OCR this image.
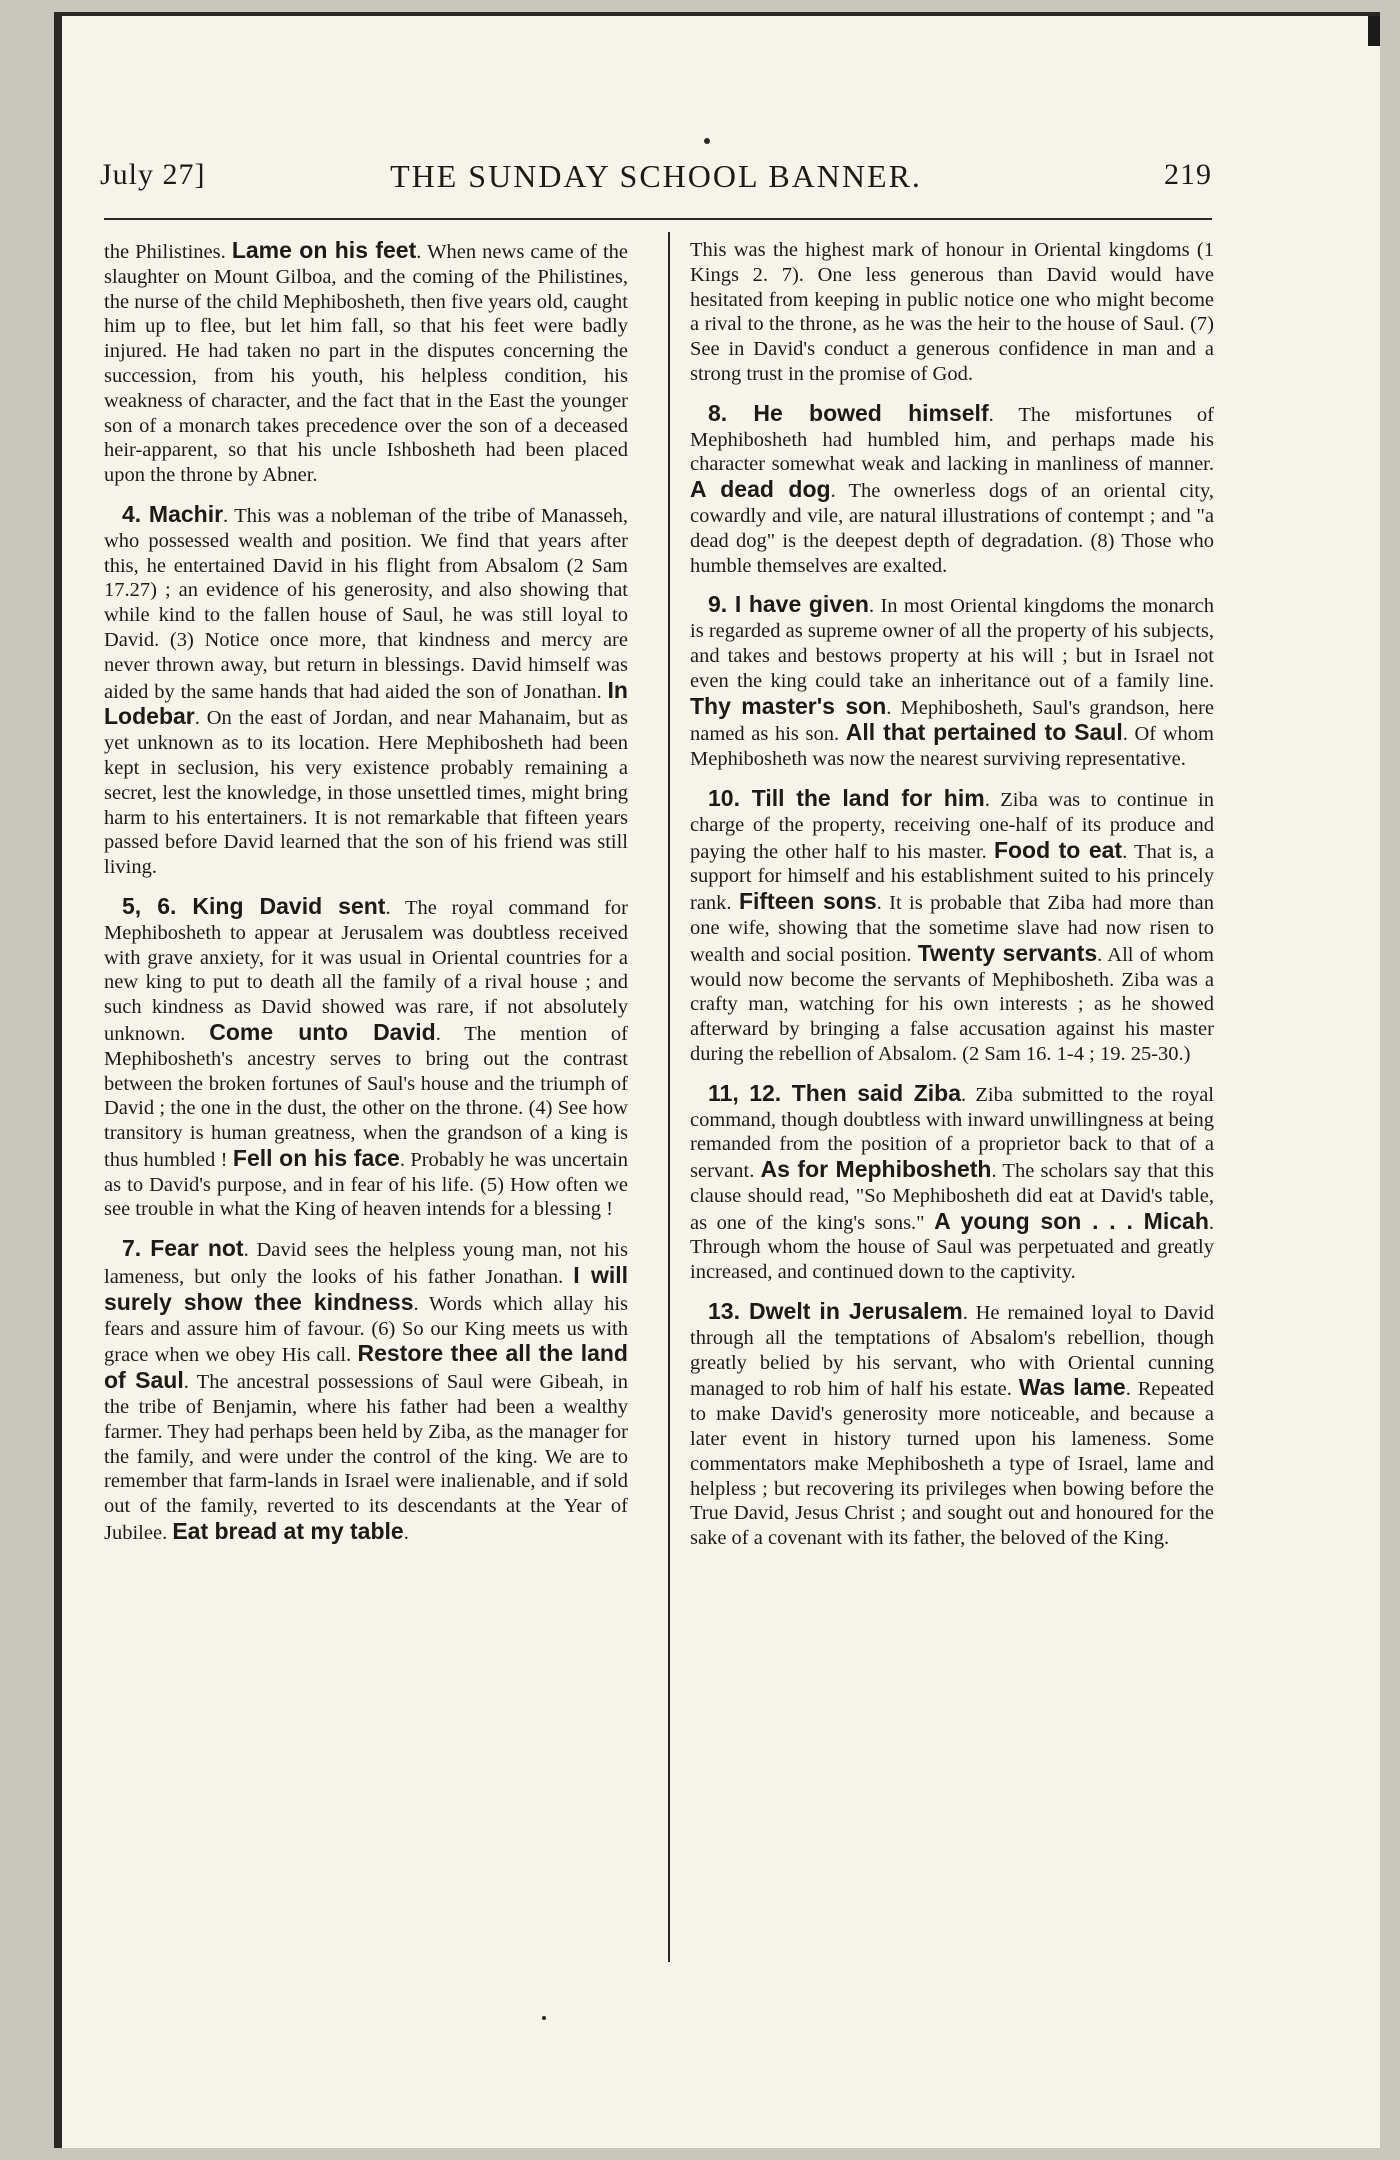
July 27]	THE SUNDAY SCHOOL BANNER.	219

the Philistines. Lame on his feet. When news came of the slaughter on Mount Gilboa, and the coming of the Philistines, the nurse of the child Mephibosheth, then five years old, caught him up to flee, but let him fall, so that his feet were badly injured. He had taken no part in the disputes concerning the succession, from his youth, his helpless condition, his weakness of character, and the fact that in the East the younger son of a monarch takes precedence over the son of a deceased heir-apparent, so that his uncle Ishbosheth had been placed upon the throne by Abner.

4. Machir. This was a nobleman of the tribe of Manasseh, who possessed wealth and position. We find that years after this, he entertained David in his flight from Absalom (2 Sam 17.27) ; an evidence of his generosity, and also showing that while kind to the fallen house of Saul, he was still loyal to David. (3) Notice once more, that kindness and mercy are never thrown away, but return in blessings. David himself was aided by the same hands that had aided the son of Jonathan. In Lodebar. On the east of Jordan, and near Mahanaim, but as yet unknown as to its location. Here Mephibosheth had been kept in seclusion, his very existence probably remaining a secret, lest the knowledge, in those unsettled times, might bring harm to his entertainers. It is not remarkable that fifteen years passed before David learned that the son of his friend was still living.

5, 6. King David sent. The royal command for Mephibosheth to appear at Jerusalem was doubtless received with grave anxiety, for it was usual in Oriental countries for a new king to put to death all the family of a rival house ; and such kindness as David showed was rare, if not absolutely unknown. Come unto David. The mention of Mephibosheth's ancestry serves to bring out the contrast between the broken fortunes of Saul's house and the triumph of David ; the one in the dust, the other on the throne. (4) See how transitory is human greatness, when the grandson of a king is thus humbled ! Fell on his face. Probably he was uncertain as to David's purpose, and in fear of his life. (5) How often we see trouble in what the King of heaven intends for a blessing !

7. Fear not. David sees the helpless young man, not his lameness, but only the looks of his father Jonathan. I will surely show thee kindness. Words which allay his fears and assure him of favour. (6) So our King meets us with grace when we obey His call. Restore thee all the land of Saul. The ancestral possessions of Saul were Gibeah, in the tribe of Benjamin, where his father had been a wealthy farmer. They had perhaps been held by Ziba, as the manager for the family, and were under the control of the king. We are to remember that farm-lands in Israel were inalienable, and if sold out of the family, reverted to its descendants at the Year of Jubilee. Eat bread at my table.

This was the highest mark of honour in Oriental kingdoms (1 Kings 2. 7). One less generous than David would have hesitated from keeping in public notice one who might become a rival to the throne, as he was the heir to the house of Saul. (7) See in David's conduct a generous confidence in man and a strong trust in the promise of God.

8. He bowed himself. The misfortunes of Mephibosheth had humbled him, and perhaps made his character somewhat weak and lacking in manliness of manner. A dead dog. The ownerless dogs of an oriental city, cowardly and vile, are natural illustrations of contempt ; and "a dead dog" is the deepest depth of degradation. (8) Those who humble themselves are exalted.

9. I have given. In most Oriental kingdoms the monarch is regarded as supreme owner of all the property of his subjects, and takes and bestows property at his will ; but in Israel not even the king could take an inheritance out of a family line. Thy master's son. Mephibosheth, Saul's grandson, here named as his son. All that pertained to Saul. Of whom Mephibosheth was now the nearest surviving representative.

10. Till the land for him. Ziba was to continue in charge of the property, receiving one-half of its produce and paying the other half to his master. Food to eat. That is, a support for himself and his establishment suited to his princely rank. Fifteen sons. It is probable that Ziba had more than one wife, showing that the sometime slave had now risen to wealth and social position. Twenty servants. All of whom would now become the servants of Mephibosheth. Ziba was a crafty man, watching for his own interests ; as he showed afterward by bringing a false accusation against his master during the rebellion of Absalom. (2 Sam 16. 1-4 ; 19. 25-30.)

11, 12. Then said Ziba. Ziba submitted to the royal command, though doubtless with inward unwillingness at being remanded from the position of a proprietor back to that of a servant. As for Mephibosheth. The scholars say that this clause should read, "So Mephibosheth did eat at David's table, as one of the king's sons." A young son . . . Micah. Through whom the house of Saul was perpetuated and greatly increased, and continued down to the captivity.

13. Dwelt in Jerusalem. He remained loyal to David through all the temptations of Absalom's rebellion, though greatly belied by his servant, who with Oriental cunning managed to rob him of half his estate. Was lame. Repeated to make David's generosity more noticeable, and because a later event in history turned upon his lameness. Some commentators make Mephibosheth a type of Israel, lame and helpless ; but recovering its privileges when bowing before the True David, Jesus Christ ; and sought out and honoured for the sake of a covenant with its father, the beloved of the King.
